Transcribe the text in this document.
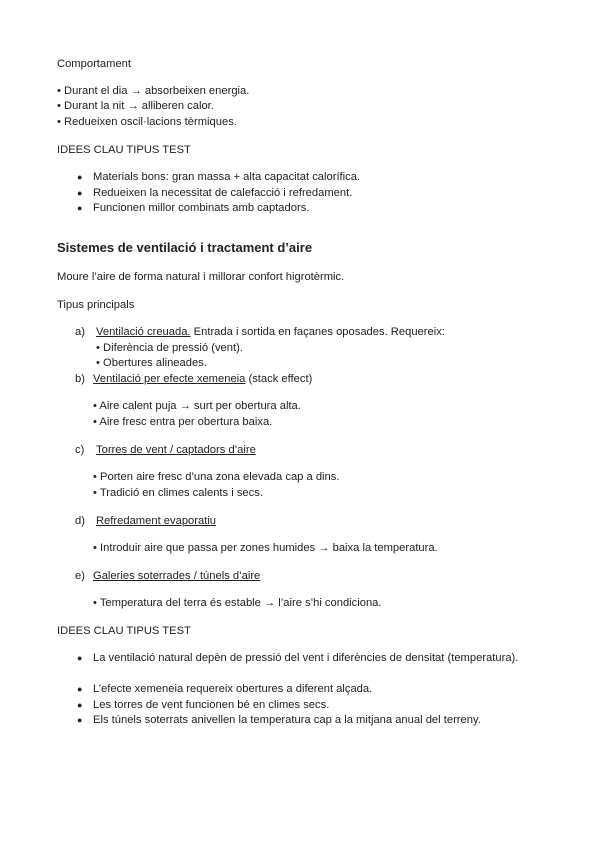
Comportament
• Durant el dia → absorbeixen energia.
• Durant la nit → alliberen calor.
• Redueixen oscil·lacions tèrmiques.
IDEES CLAU TIPUS TEST
● Materials bons: gran massa + alta capacitat calorífica.
● Redueixen la necessitat de calefacció i refredament.
● Funcionen millor combinats amb captadors.
Sistemes de ventilació i tractament d’aire
Moure l’aire de forma natural i millorar confort higrotèrmic.
Tipus principals
a) Ventilació creuada. Entrada i sortida en façanes oposades. Requereix:
• Diferència de pressió (vent).
• Obertures alineades.
b) Ventilació per efecte xemeneia (stack effect)
• Aire calent puja → surt per obertura alta.
• Aire fresc entra per obertura baixa.
c) Torres de vent / captadors d’aire
• Porten aire fresc d’una zona elevada cap a dins.
• Tradició en climes calents i secs.
d) Refredament evaporatiu
• Introduir aire que passa per zones humides → baixa la temperatura.
e) Galeries soterrades / túnels d’aire
• Temperatura del terra és estable → l’aire s’hi condiciona.
IDEES CLAU TIPUS TEST
● La ventilació natural depèn de pressió del vent i diferències de densitat (temperatura).
● L’efecte xemeneia requereix obertures a diferent alçada.
● Les torres de vent funcionen bé en climes secs.
● Els túnels soterrats anivellen la temperatura cap a la mitjana anual del terreny.
